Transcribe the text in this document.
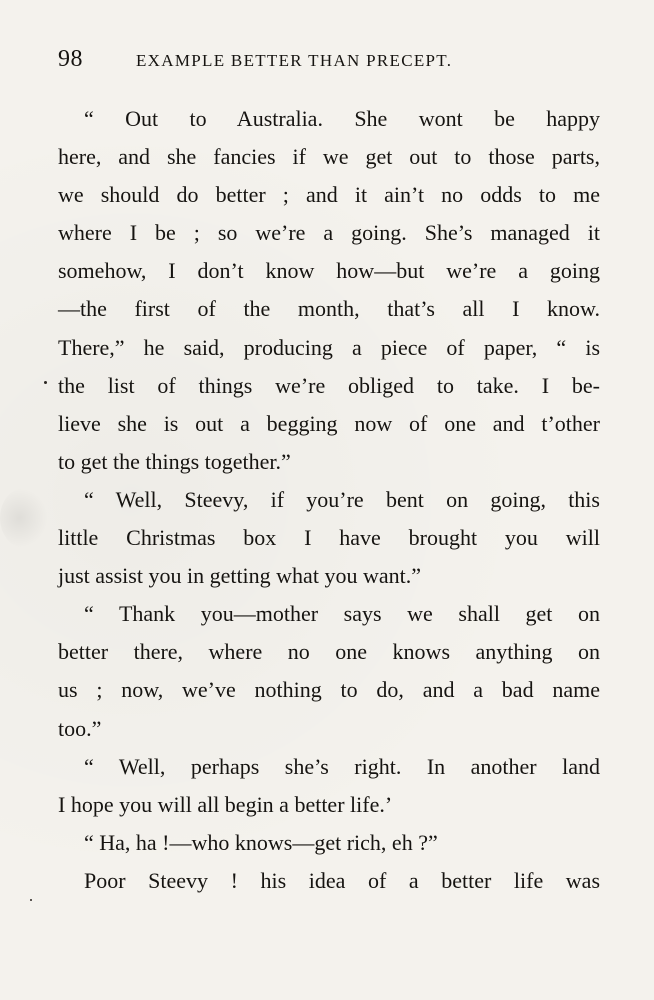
98	EXAMPLE BETTER THAN PRECEPT.
“ Out to Australia. She wont be happy
here, and she fancies if we get out to those parts,
we should do better ; and it ain’t no odds to me
where I be ; so we’re a going. She’s managed it
somehow, I don’t know how—but we’re a going
—the first of the month, that’s all I know.
There,” he said, producing a piece of paper, “ is
the list of things we’re obliged to take. I be-
lieve she is out a begging now of one and t’other
to get the things together.”
“ Well, Steevy, if you’re bent on going, this
little Christmas box I have brought you will
just assist you in getting what you want.”
“ Thank you—mother says we shall get on
better there, where no one knows anything on
us ; now, we’ve nothing to do, and a bad name
too.”
“ Well, perhaps she’s right. In another land
I hope you will all begin a better life.’
“ Ha, ha !—who knows—get rich, eh ?”
Poor Steevy ! his idea of a better life was
